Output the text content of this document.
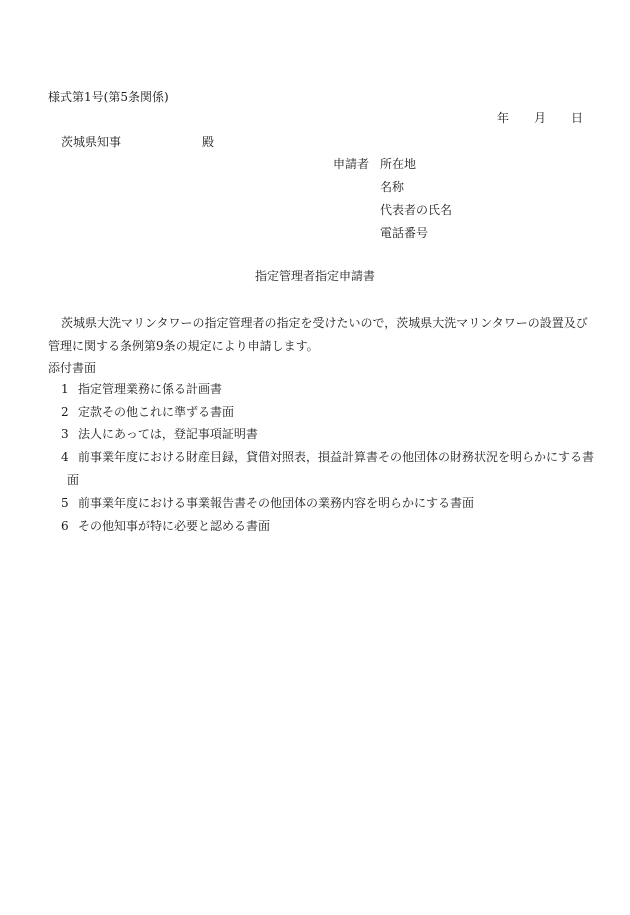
様式第1号(第5条関係)

年 月 日
茨城県知事	殿

申請者 所在地

名称

代表者の氏名

電話番号

指定管理者指定申請書

茨城県大洗マリンタワーの指定管理者の指定を受けたいので，茨城県大洗マリンタワーの設置及び

管理に関する条例第9条の規定により申請します。

添付書面

1 指定管理業務に係る計画書
2 定款その他これに準ずる書面
3 法人にあっては，登記事項証明書
4 前事業年度における財産目録，貸借対照表，損益計算書その他団体の財務状況を明らかにする書
面
5 前事業年度における事業報告書その他団体の業務内容を明らかにする書面
6 その他知事が特に必要と認める書面
